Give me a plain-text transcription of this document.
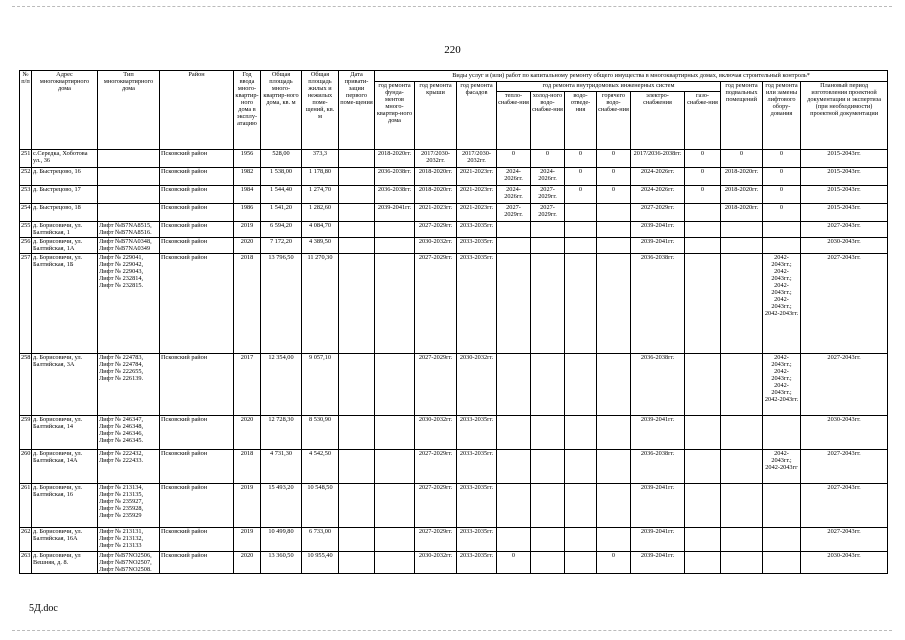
220
№ п/п	Адрес многоквартирного дома	Тип многоквартирного дома	Район	Год ввода много-квартир-ного дома в эксплу-атацию	Общая площадь много-квартир-ного дома, кв. м	Общая площадь жилых и нежилых поме-щений, кв. м	Дата привати-зации первого поме-щения	Виды услуг и (или) работ по капитальному ремонту общего имущества в многоквартирных домах, включая строительный контроль*											
								год ремонта фунда-ментов много-квартир-ного дома	год ремонта крыши	год ремонта фасадов	год ремонта внутридомовых инженерных систем						год ремонта подвальных помещений	год ремонта или замены лифтового обору-дования	Плановый период изготовления проектной документации и экспертиза (при необходимости) проектной документации
											тепло-снабже-ния	холод-ного водо-снабже-ния	водо-отведе-ния	горячего водо-снабже-ния	электро-снабжения	газо-снабже-ния			
251	с.Середка, Хоботова ул., 36		Псковский район	1956	528,00	373,3		2018-2020гг.	2017/2030-2032гг.	2017/2030-2032гг.	0	0	0	0	2017/2036-2038гг.	0	0	0	2015-2043гг.
252	д. Быстрецово, 16		Псковский район	1982	1 538,00	1 178,80		2036-2038гг.	2018-2020гг.	2021-2023гг.	2024-2026гг.	2024-2026гг.	0	0	2024-2026гг.	0	2018-2020гг.	0	2015-2043гг.
253	д. Быстрецово, 17		Псковский район	1984	1 544,40	1 274,70		2036-2038гг.	2018-2020гг.	2021-2023гг.	2024-2026гг.	2027-2029гг.	0	0	2024-2026гг.	0	2018-2020гг.	0	2015-2043гг.
254	д. Быстрецово, 18		Псковский район	1986	1 541,20	1 282,60		2039-2041гг.	2021-2023гг.	2021-2023гг.	2027-2029гг.	2027-2029гг.			2027-2029гг.		2018-2020гг.	0	2015-2043гг.
255	д. Борисовичи, ул. Балтийская, 1	Лифт №B7NA8515, Лифт №B7NA8516.	Псковский район	2019	6 594,20	4 084,70			2027-2029гг.	2033-2035гг.					2039-2041гг.				2027-2043гг.
256	д. Борисовичи, ул. Балтийская, 1А	Лифт №B7NA0348, Лифт №B7NA0349	Псковский район	2020	7 172,20	4 389,50			2030-2032гг.	2033-2035гг.					2039-2041гг.				2030-2043гг.
257	д. Борисовичи, ул. Балтийская, 1Б	Лифт № 229041, Лифт № 229042, Лифт № 229043, Лифт № 232814, Лифт № 232815.	Псковский район	2018	13 796,50	11 270,30			2027-2029гг.	2033-2035гг.					2036-2038гг.			2042-2043гг.; 2042-2043гг.; 2042-2043гг.; 2042-2043гг.; 2042-2043гг.	2027-2043гг.
258	д. Борисовичи, ул. Балтийская, 3А	Лифт № 224783, Лифт № 224784, Лифт № 222655, Лифт № 226139.	Псковский район	2017	12 354,00	9 057,10			2027-2029гг.	2030-2032гг.					2036-2038гг.			2042-2043гг.; 2042-2043гг.; 2042-2043гг.; 2042-2043гг.	2027-2043гг.
259	д. Борисовичи, ул. Балтийская, 14	Лифт № 246347, Лифт № 246348, Лифт № 246346, Лифт № 246345.	Псковский район	2020	12 728,30	8 530,90			2030-2032гг.	2033-2035гг.					2039-2041гг.				2030-2043гг.
260	д. Борисовичи, ул. Балтийская, 14А	Лифт № 222432, Лифт № 222433.	Псковский район	2018	4 731,30	4 542,50			2027-2029гг.	2033-2035гг.					2036-2038гг.			2042-2043гг.; 2042-2043гг	2027-2043гг.
261	д. Борисовичи, ул. Балтийская, 16	Лифт № 213134, Лифт № 213135, Лифт № 235927, Лифт № 235928, Лифт № 235929	Псковский район	2019	15 493,20	10 548,50			2027-2029гг.	2033-2035гг.					2039-2041гг.				2027-2043гг.
262	д. Борисовичи, ул. Балтийская, 16А	Лифт № 213131, Лифт № 213132, Лифт № 213133	Псковский район	2019	10 499,80	6 733,00			2027-2029гг.	2033-2035гг.					2039-2041гг.				2027-2043гг.
263	д. Борисовичи, ул Вешняя, д. 8.	Лифт №B7NO2506, Лифт №B7NO2507, Лифт №B7NO2508.	Псковский район	2020	13 360,50	10 955,40			2030-2032гг.	2033-2035гг.	0			0	2039-2041гг.				2030-2043гг.
5Д.doc
